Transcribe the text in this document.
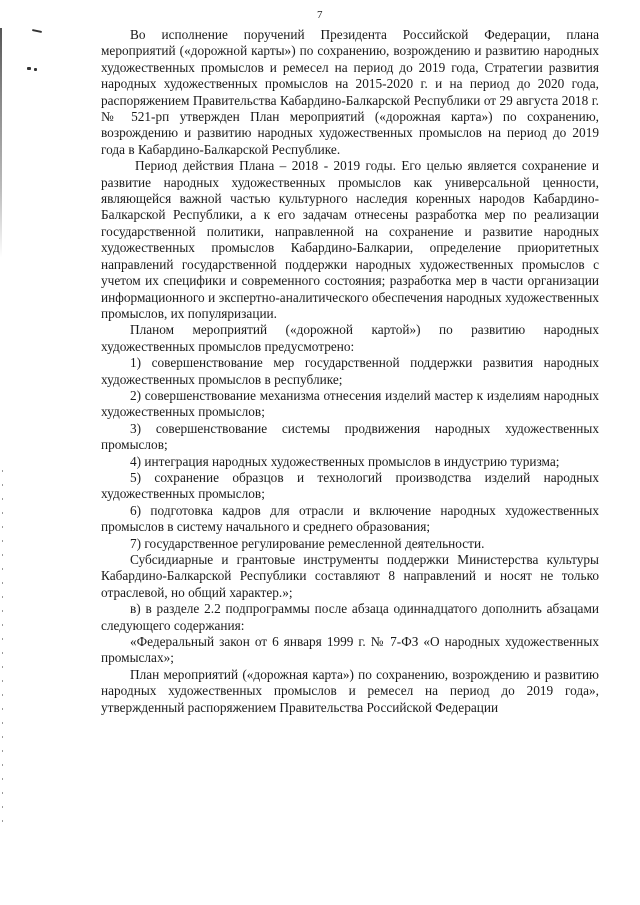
7

Во исполнение поручений Президента Российской Федерации, плана мероприятий («дорожной карты») по сохранению, возрождению и развитию народных художественных промыслов и ремесел на период до 2019 года, Стратегии развития народных художественных промыслов на 2015-2020 г. и на период до 2020 года, распоряжением Правительства Кабардино-Балкарской Республики от 29 августа 2018 г. № 521-рп утвержден План мероприятий («дорожная карта») по сохранению, возрождению и развитию народных художественных промыслов на период до 2019 года в Кабардино-Балкарской Республике.

Период действия Плана – 2018 - 2019 годы. Его целью является сохранение и развитие народных художественных промыслов как универсальной ценности, являющейся важной частью культурного наследия коренных народов Кабардино-Балкарской Республики, а к его задачам отнесены разработка мер по реализации государственной политики, направленной на сохранение и развитие народных художественных промыслов Кабардино-Балкарии, определение приоритетных направлений государственной поддержки народных художественных промыслов с учетом их специфики и современного состояния; разработка мер в части организации информационного и экспертно-аналитического обеспечения народных художественных промыслов, их популяризации.

Планом мероприятий («дорожной картой») по развитию народных художественных промыслов предусмотрено:

1) совершенствование мер государственной поддержки развития народных художественных промыслов в республике;

2) совершенствование механизма отнесения изделий мастер к изделиям народных художественных промыслов;

3) совершенствование системы продвижения народных художественных промыслов;

4) интеграция народных художественных промыслов в индустрию туризма;

5) сохранение образцов и технологий производства изделий народных художественных промыслов;

6) подготовка кадров для отрасли и включение народных художественных промыслов в систему начального и среднего образования;

7) государственное регулирование ремесленной деятельности.

Субсидиарные и грантовые инструменты поддержки Министерства культуры Кабардино-Балкарской Республики составляют 8 направлений и носят не только отраслевой, но общий характер.»;

в) в разделе 2.2 подпрограммы после абзаца одиннадцатого дополнить абзацами следующего содержания:

«Федеральный закон от 6 января 1999 г. № 7-ФЗ «О народных художественных промыслах»;

План мероприятий («дорожная карта») по сохранению, возрождению и развитию народных художественных промыслов и ремесел на период до 2019 года», утвержденный распоряжением Правительства Российской Федерации
